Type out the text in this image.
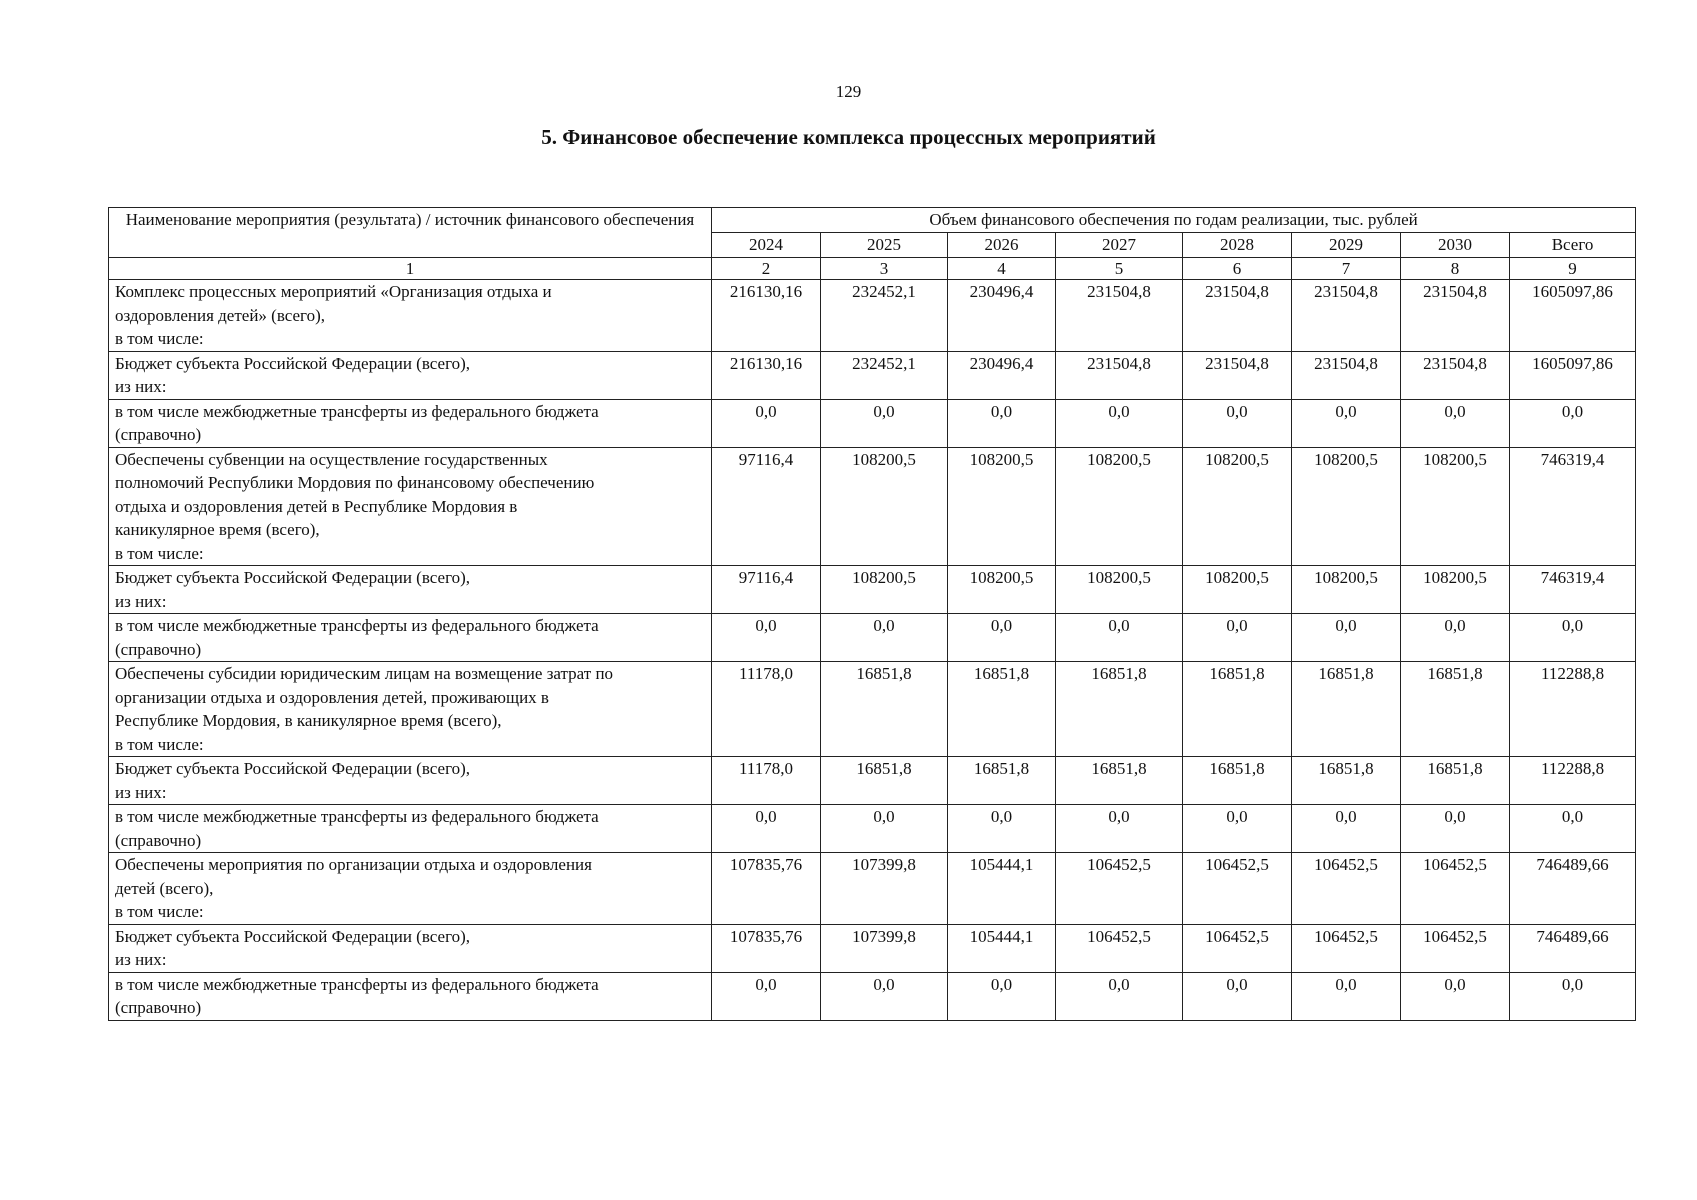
129
5. Финансовое обеспечение комплекса процессных мероприятий
Наименование мероприятия (результата) / источник финансового обеспечения	Объем финансового обеспечения по годам реализации, тыс. рублей							
	2024	2025	2026	2027	2028	2029	2030	Всего
1	2	3	4	5	6	7	8	9

Комплекс процессных мероприятий «Организация отдыха и
оздоровления детей» (всего),
в том числе:	216130,16	232452,1	230496,4	231504,8	231504,8	231504,8	231504,8	1605097,86

Бюджет субъекта Российской Федерации (всего),
из них:	216130,16	232452,1	230496,4	231504,8	231504,8	231504,8	231504,8	1605097,86

в том числе межбюджетные трансферты из федерального бюджета
(справочно)	0,0	0,0	0,0	0,0	0,0	0,0	0,0	0,0

Обеспечены субвенции на осуществление государственных
полномочий Республики Мордовия по финансовому обеспечению
отдыха и оздоровления детей в Республике Мордовия в
каникулярное время (всего),
в том числе:	97116,4	108200,5	108200,5	108200,5	108200,5	108200,5	108200,5	746319,4

Бюджет субъекта Российской Федерации (всего),
из них:	97116,4	108200,5	108200,5	108200,5	108200,5	108200,5	108200,5	746319,4

в том числе межбюджетные трансферты из федерального бюджета
(справочно)	0,0	0,0	0,0	0,0	0,0	0,0	0,0	0,0

Обеспечены субсидии юридическим лицам на возмещение затрат по
организации отдыха и оздоровления детей, проживающих в
Республике Мордовия, в каникулярное время (всего),
в том числе:	11178,0	16851,8	16851,8	16851,8	16851,8	16851,8	16851,8	112288,8

Бюджет субъекта Российской Федерации (всего),
из них:	11178,0	16851,8	16851,8	16851,8	16851,8	16851,8	16851,8	112288,8

в том числе межбюджетные трансферты из федерального бюджета
(справочно)	0,0	0,0	0,0	0,0	0,0	0,0	0,0	0,0

Обеспечены мероприятия по организации отдыха и оздоровления
детей (всего),
в том числе:	107835,76	107399,8	105444,1	106452,5	106452,5	106452,5	106452,5	746489,66

Бюджет субъекта Российской Федерации (всего),
из них:	107835,76	107399,8	105444,1	106452,5	106452,5	106452,5	106452,5	746489,66

в том числе межбюджетные трансферты из федерального бюджета
(справочно)	0,0	0,0	0,0	0,0	0,0	0,0	0,0	0,0
